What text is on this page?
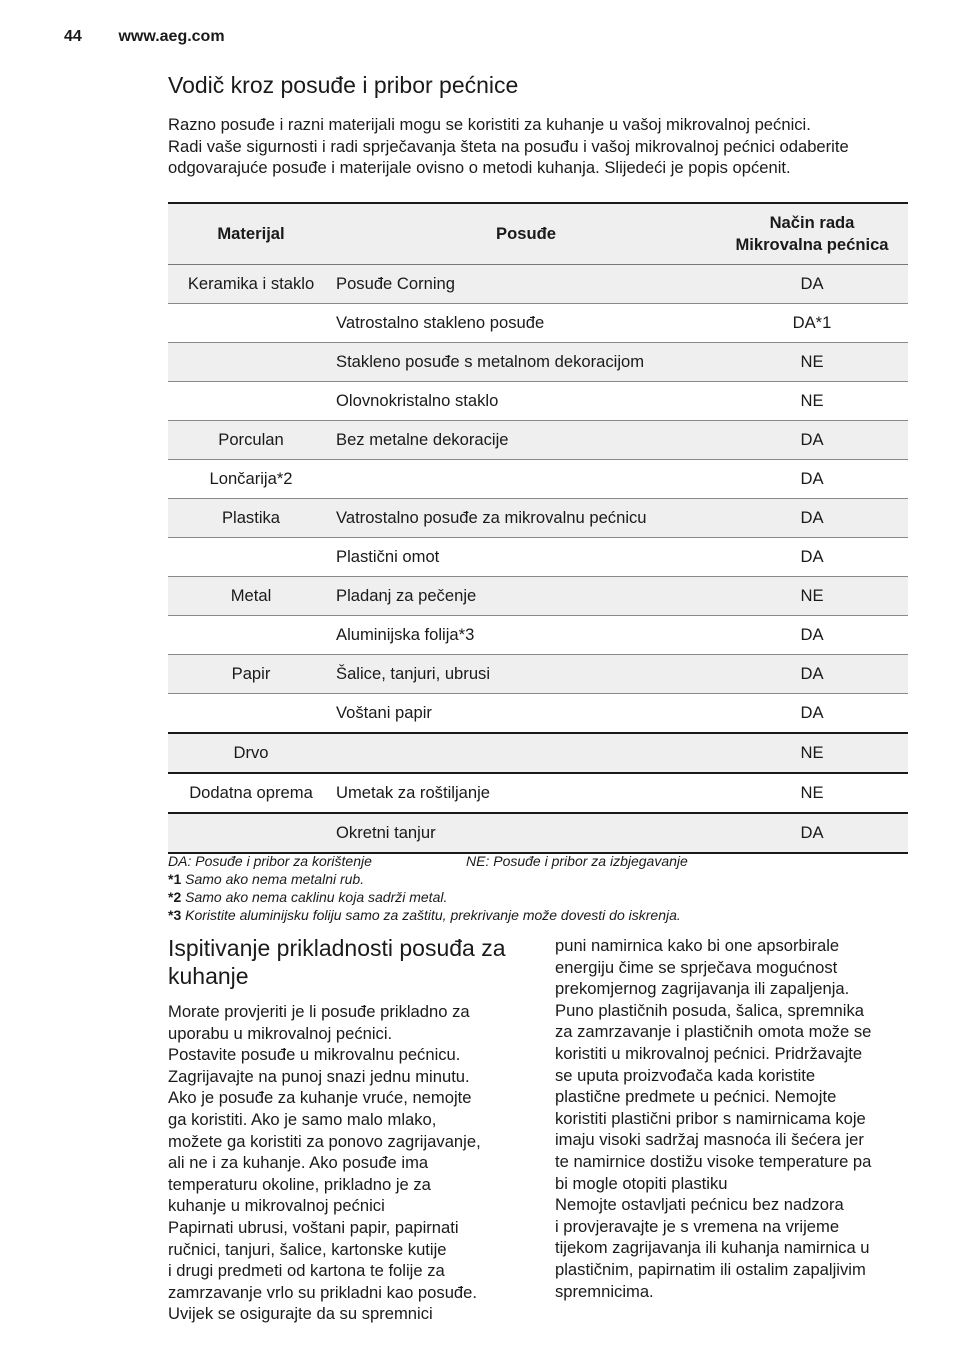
44 www.aeg.com
Vodič kroz posuđe i pribor pećnice

Razno posuđe i razni materijali mogu se koristiti za kuhanje u vašoj mikrovalnoj pećnici.
Radi vaše sigurnosti i radi sprječavanja šteta na posuđu i vašoj mikrovalnoj pećnici odaberite
odgovarajuće posuđe i materijale ovisno o metodi kuhanja. Slijedeći je popis općenit.

Materijal	Posuđe	Način rada
Mikrovalna pećnica
Keramika i staklo	Posuđe Corning	DA
	Vatrostalno stakleno posuđe	DA*1
	Stakleno posuđe s metalnom dekoracijom	NE
	Olovnokristalno staklo	NE
Porculan	Bez metalne dekoracije	DA
Lončarija*2		DA
Plastika	Vatrostalno posuđe za mikrovalnu pećnicu	DA
	Plastični omot	DA
Metal	Pladanj za pečenje	NE
	Aluminijska folija*3	DA
Papir	Šalice, tanjuri, ubrusi	DA
	Voštani papir	DA
Drvo		NE
Dodatna oprema	Umetak za roštiljanje	NE
	Okretni tanjur	DA
DA: Posuđe i pribor za korištenje	NE: Posuđe i pribor za izbjegavanje
*1 Samo ako nema metalni rub.
*2 Samo ako nema caklinu koja sadrži metal.
*3 Koristite aluminijsku foliju samo za zaštitu, prekrivanje može dovesti do iskrenja.
Ispitivanje prikladnosti posuđa za kuhanje
Morate provjeriti je li posuđe prikladno za
uporabu u mikrovalnoj pećnici.
Postavite posuđe u mikrovalnu pećnicu.
Zagrijavajte na punoj snazi jednu minutu.
Ako je posuđe za kuhanje vruće, nemojte
ga koristiti. Ako je samo malo mlako,
možete ga koristiti za ponovo zagrijavanje,
ali ne i za kuhanje. Ako posuđe ima
temperaturu okoline, prikladno je za
kuhanje u mikrovalnoj pećnici
Papirnati ubrusi, voštani papir, papirnati
ručnici, tanjuri, šalice, kartonske kutije
i drugi predmeti od kartona te folije za
zamrzavanje vrlo su prikladni kao posuđe.
Uvijek se osigurajte da su spremnici
puni namirnica kako bi one apsorbirale
energiju čime se sprječava mogućnost
prekomjernog zagrijavanja ili zapaljenja.
Puno plastičnih posuda, šalica, spremnika
za zamrzavanje i plastičnih omota može se
koristiti u mikrovalnoj pećnici. Pridržavajte
se uputa proizvođača kada koristite
plastične predmete u pećnici. Nemojte
koristiti plastični pribor s namirnicama koje
imaju visoki sadržaj masnoća ili šećera jer
te namirnice dostižu visoke temperature pa
bi mogle otopiti plastiku
Nemojte ostavljati pećnicu bez nadzora
i provjeravajte je s vremena na vrijeme
tijekom zagrijavanja ili kuhanja namirnica u
plastičnim, papirnatim ili ostalim zapaljivim
spremnicima.
